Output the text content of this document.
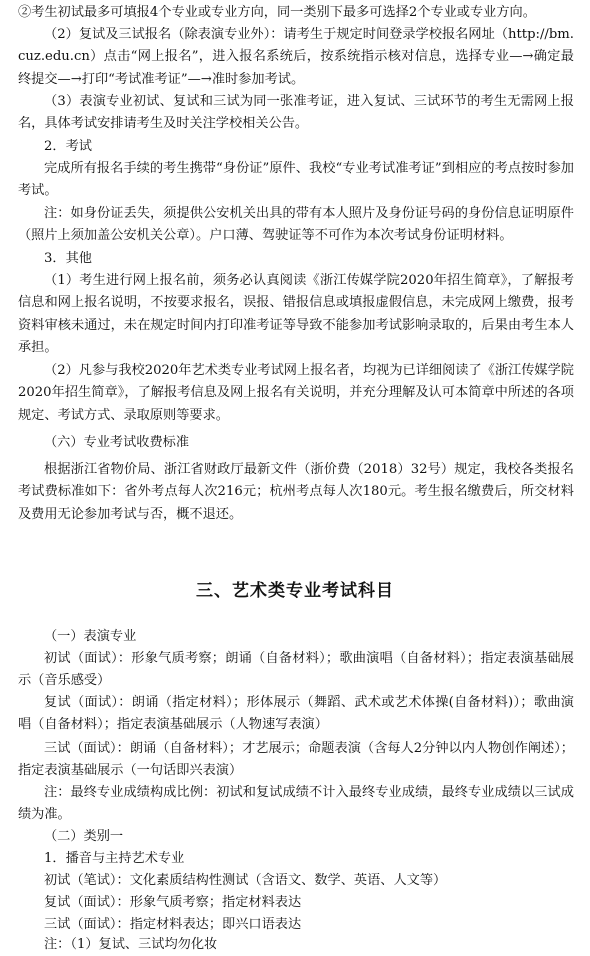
②考生初试最多可填报4个专业或专业方向，同一类别下最多可选择2个专业或专业方向。

（2）复试及三试报名（除表演专业外）：请考生于规定时间登录学校报名网址（http://bm.cuz.edu.cn）点击“网上报名”，进入报名系统后，按系统指示核对信息，选择专业—→确定最终提交—→打印“考试准考证”—→准时参加考试。

（3）表演专业初试、复试和三试为同一张准考证，进入复试、三试环节的考生无需网上报名，具体考试安排请考生及时关注学校相关公告。

2．考试

完成所有报名手续的考生携带“身份证”原件、我校“专业考试准考证”到相应的考点按时参加考试。

注：如身份证丢失，须提供公安机关出具的带有本人照片及身份证号码的身份信息证明原件（照片上须加盖公安机关公章）。户口薄、驾驶证等不可作为本次考试身份证明材料。

3．其他

（1）考生进行网上报名前，须务必认真阅读《浙江传媒学院2020年招生简章》，了解报考信息和网上报名说明，不按要求报名，误报、错报信息或填报虚假信息，未完成网上缴费，报考资料审核未通过，未在规定时间内打印准考证等导致不能参加考试影响录取的，后果由考生本人承担。

（2）凡参与我校2020年艺术类专业考试网上报名者，均视为已详细阅读了《浙江传媒学院2020年招生简章》，了解报考信息及网上报名有关说明，并充分理解及认可本简章中所述的各项规定、考试方式、录取原则等要求。

（六）专业考试收费标准

根据浙江省物价局、浙江省财政厅最新文件（浙价费（2018）32号）规定，我校各类报名考试费标准如下：省外考点每人次216元；杭州考点每人次180元。考生报名缴费后，所交材料及费用无论参加考试与否，概不退还。

三、艺术类专业考试科目

（一）表演专业

初试（面试）：形象气质考察；朗诵（自备材料）；歌曲演唱（自备材料）；指定表演基础展示（音乐感受）

复试（面试）：朗诵（指定材料）；形体展示（舞蹈、武术或艺术体操(自备材料)）；歌曲演唱（自备材料）；指定表演基础展示（人物速写表演）

三试（面试）：朗诵（自备材料）；才艺展示；命题表演（含每人2分钟以内人物创作阐述）；指定表演基础展示（一句话即兴表演）

注：最终专业成绩构成比例：初试和复试成绩不计入最终专业成绩，最终专业成绩以三试成绩为准。

（二）类别一

1．播音与主持艺术专业

初试（笔试）：文化素质结构性测试（含语文、数学、英语、人文等）

复试（面试）：形象气质考察；指定材料表达

三试（面试）：指定材料表达；即兴口语表达

注：（1）复试、三试均勿化妆
